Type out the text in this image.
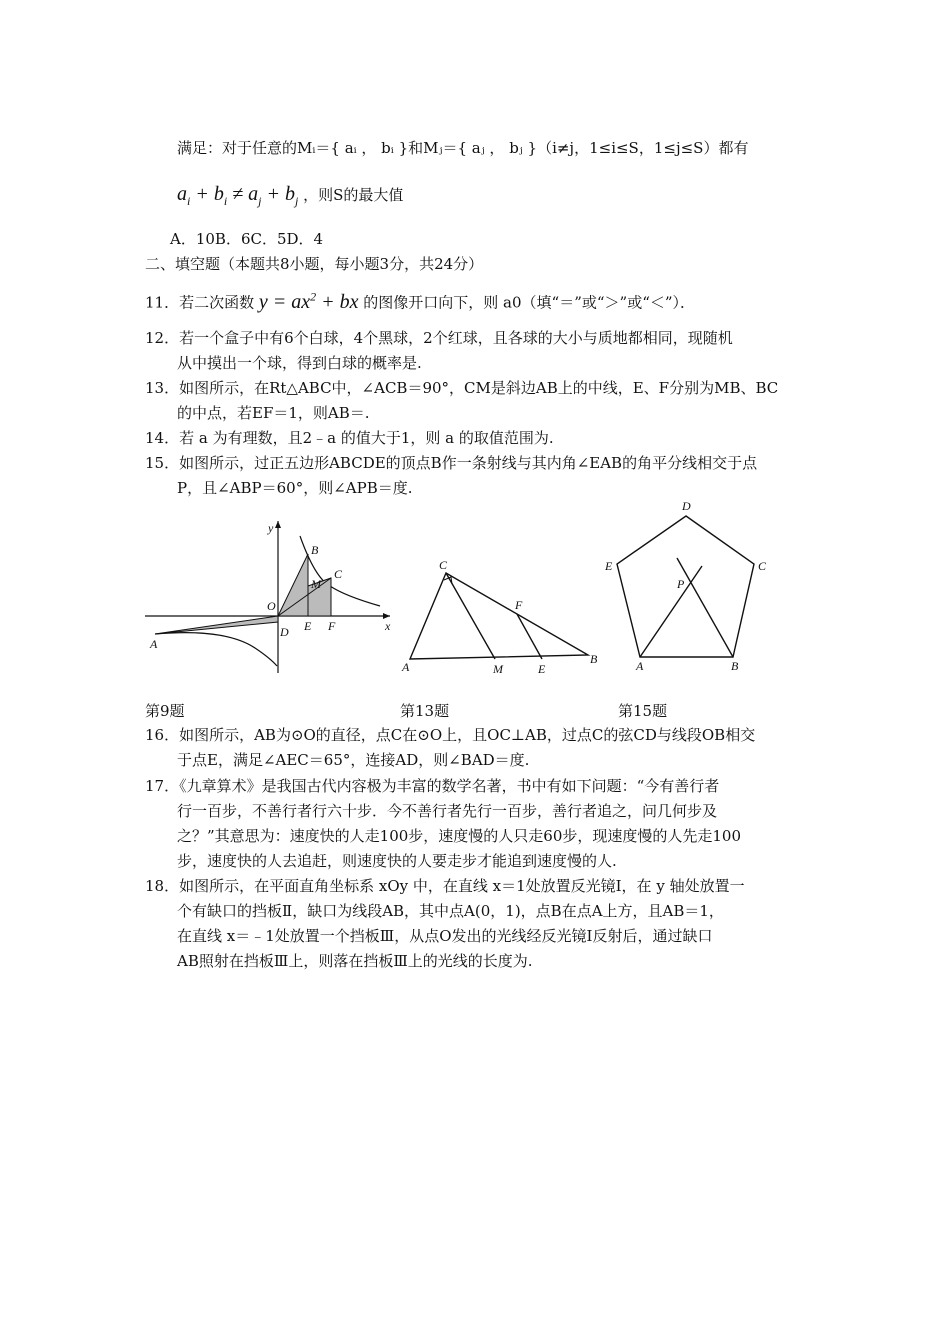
满足：对于任意的Mᵢ＝{ aᵢ ， bᵢ }和Mⱼ＝{ aⱼ ， bⱼ }（i≠j，1≤i≤S，1≤j≤S）都有
$a_i + b_i \ne a_j + b_j$ ，则S的最大值
A．10B．6C．5D．4
二、填空题（本题共8小题，每小题3分，共24分）
11．若二次函数 $y = ax^2$ + bx 的图像开口向下，则 a0（填“＝”或“＞”或“＜”）．
12．若一个盒子中有6个白球，4个黑球，2个红球，且各球的大小与质地都相同，现随机
从中摸出一个球，得到白球的概率是.
13．如图所示，在Rt△ABC中，∠ACB＝90°，CM是斜边AB上的中线，E、F分别为MB、BC
的中点，若EF＝1，则AB＝.
14．若 a 为有理数，且2﹣a 的值大于1，则 a 的取值范围为.
15．如图所示，过正五边形ABCDE的顶点B作一条射线与其内角∠EAB的角平分线相交于点
P，且∠ABP＝60°，则∠APB＝度.
y
x
O
A
B
C
M
D E F
A
B
C
M	E
F
A	B
C
D
E
P
第9题	第13题	第15题
16．如图所示，AB为⊙O的直径，点C在⊙O上，且OC⊥AB，过点C的弦CD与线段OB相交
于点E，满足∠AEC＝65°，连接AD，则∠BAD＝度.
17．《九章算术》是我国古代内容极为丰富的数学名著，书中有如下问题：“今有善行者
行一百步，不善行者行六十步．今不善行者先行一百步，善行者追之，问几何步及
之？”其意思为：速度快的人走100步，速度慢的人只走60步，现速度慢的人先走100
步，速度快的人去追赶，则速度快的人要走步才能追到速度慢的人.
18．如图所示，在平面直角坐标系 xOy 中，在直线 x＝1处放置反光镜Ⅰ，在 y 轴处放置一
个有缺口的挡板Ⅱ，缺口为线段AB，其中点A(0，1)，点B在点A上方，且AB＝1，
在直线 x＝﹣1处放置一个挡板Ⅲ，从点O发出的光线经反光镜Ⅰ反射后，通过缺口
AB照射在挡板Ⅲ上，则落在挡板Ⅲ上的光线的长度为.
